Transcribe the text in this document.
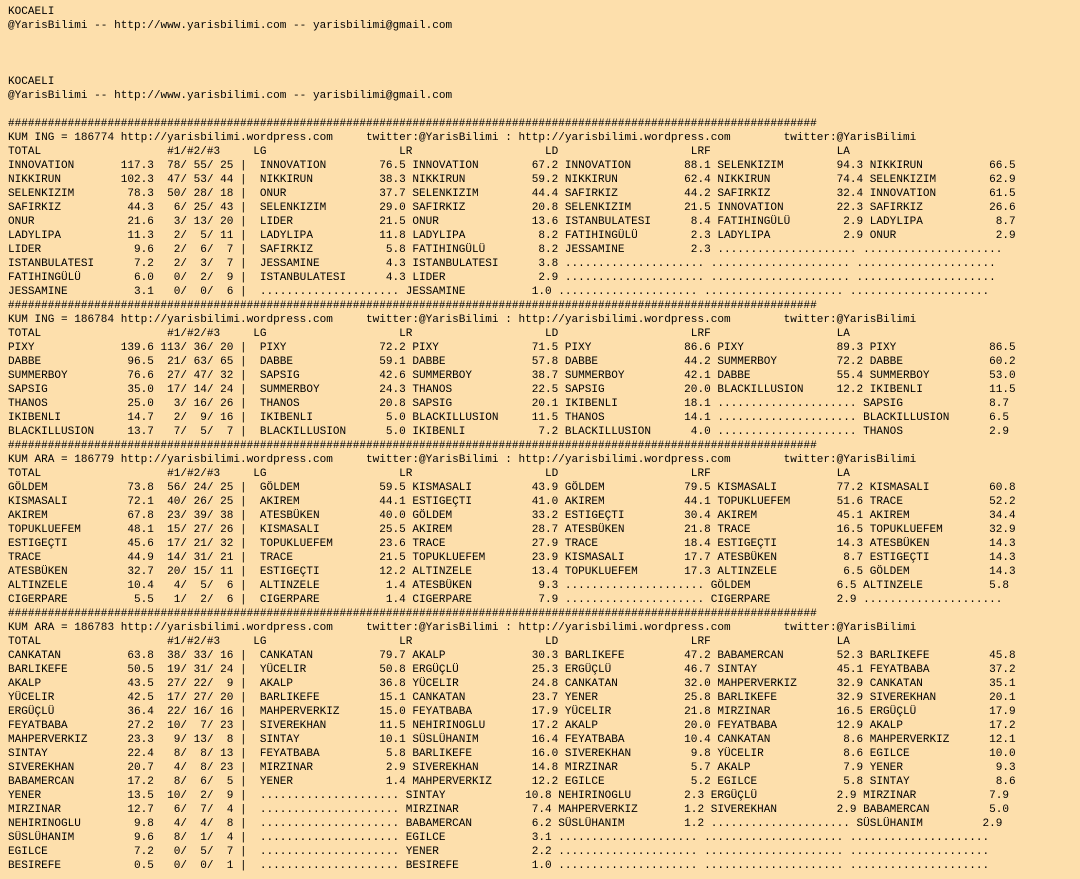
KOCAELI
@YarisBilimi -- http://www.yarisbilimi.com -- yarisbilimi@gmail.com

KOCAELI
@YarisBilimi -- http://www.yarisbilimi.com -- yarisbilimi@gmail.com

##########################################################################################################################
KUM ING = 186774 http://yarisbilimi.wordpress.com     twitter:@YarisBilimi : http://yarisbilimi.wordpress.com        twitter:@YarisBilimi
TOTAL                   #1/#2/#3     LG                    LR                    LD                    LRF                   LA
INNOVATION       117.3  78/ 55/ 25 |  INNOVATION        76.5 INNOVATION        67.2 INNOVATION        88.1 SELENKIZIM        94.3 NIKKIRUN          66.5
NIKKIRUN         102.3  47/ 53/ 44 |  NIKKIRUN          38.3 NIKKIRUN          59.2 NIKKIRUN          62.4 NIKKIRUN          74.4 SELENKIZIM        62.9
SELENKIZIM        78.3  50/ 28/ 18 |  ONUR              37.7 SELENKIZIM        44.4 SAFIRKIZ          44.2 SAFIRKIZ          32.4 INNOVATION        61.5
SAFIRKIZ          44.3   6/ 25/ 43 |  SELENKIZIM        29.0 SAFIRKIZ          20.8 SELENKIZIM        21.5 INNOVATION        22.3 SAFIRKIZ          26.6
ONUR              21.6   3/ 13/ 20 |  LIDER             21.5 ONUR              13.6 ISTANBULATESI      8.4 FATIHINGÜLÜ        2.9 LADYLIPA           8.7
LADYLIPA          11.3   2/  5/ 11 |  LADYLIPA          11.8 LADYLIPA           8.2 FATIHINGÜLÜ        2.3 LADYLIPA           2.9 ONUR               2.9
LIDER              9.6   2/  6/  7 |  SAFIRKIZ           5.8 FATIHINGÜLÜ        8.2 JESSAMINE          2.3 ..................... .....................
ISTANBULATESI      7.2   2/  3/  7 |  JESSAMINE          4.3 ISTANBULATESI      3.8 ..................... ..................... .....................
FATIHINGÜLÜ        6.0   0/  2/  9 |  ISTANBULATESI      4.3 LIDER              2.9 ..................... ..................... .....................
JESSAMINE          3.1   0/  0/  6 |  ..................... JESSAMINE          1.0 ..................... ..................... .....................
##########################################################################################################################
KUM ING = 186784 http://yarisbilimi.wordpress.com     twitter:@YarisBilimi : http://yarisbilimi.wordpress.com        twitter:@YarisBilimi
TOTAL                   #1/#2/#3     LG                    LR                    LD                    LRF                   LA
PIXY             139.6 113/ 36/ 20 |  PIXY              72.2 PIXY              71.5 PIXY              86.6 PIXY              89.3 PIXY              86.5
DABBE             96.5  21/ 63/ 65 |  DABBE             59.1 DABBE             57.8 DABBE             44.2 SUMMERBOY         72.2 DABBE             60.2
SUMMERBOY         76.6  27/ 47/ 32 |  SAPSIG            42.6 SUMMERBOY         38.7 SUMMERBOY         42.1 DABBE             55.4 SUMMERBOY         53.0
SAPSIG            35.0  17/ 14/ 24 |  SUMMERBOY         24.3 THANOS            22.5 SAPSIG            20.0 BLACKILLUSION     12.2 IKIBENLI          11.5
THANOS            25.0   3/ 16/ 26 |  THANOS            20.8 SAPSIG            20.1 IKIBENLI          18.1 ..................... SAPSIG             8.7
IKIBENLI          14.7   2/  9/ 16 |  IKIBENLI           5.0 BLACKILLUSION     11.5 THANOS            14.1 ..................... BLACKILLUSION      6.5
BLACKILLUSION     13.7   7/  5/  7 |  BLACKILLUSION      5.0 IKIBENLI           7.2 BLACKILLUSION      4.0 ..................... THANOS             2.9
##########################################################################################################################
KUM ARA = 186779 http://yarisbilimi.wordpress.com     twitter:@YarisBilimi : http://yarisbilimi.wordpress.com        twitter:@YarisBilimi
TOTAL                   #1/#2/#3     LG                    LR                    LD                    LRF                   LA
GÖLDEM            73.8  56/ 24/ 25 |  GÖLDEM            59.5 KISMASALI         43.9 GÖLDEM            79.5 KISMASALI         77.2 KISMASALI         60.8
KISMASALI         72.1  40/ 26/ 25 |  AKIREM            44.1 ESTIGEÇTI         41.0 AKIREM            44.1 TOPUKLUEFEM       51.6 TRACE             52.2
AKIREM            67.8  23/ 39/ 38 |  ATESBÜKEN         40.0 GÖLDEM            33.2 ESTIGEÇTI         30.4 AKIREM            45.1 AKIREM            34.4
TOPUKLUEFEM       48.1  15/ 27/ 26 |  KISMASALI         25.5 AKIREM            28.7 ATESBÜKEN         21.8 TRACE             16.5 TOPUKLUEFEM       32.9
ESTIGEÇTI         45.6  17/ 21/ 32 |  TOPUKLUEFEM       23.6 TRACE             27.9 TRACE             18.4 ESTIGEÇTI         14.3 ATESBÜKEN         14.3
TRACE             44.9  14/ 31/ 21 |  TRACE             21.5 TOPUKLUEFEM       23.9 KISMASALI         17.7 ATESBÜKEN          8.7 ESTIGEÇTI         14.3
ATESBÜKEN         32.7  20/ 15/ 11 |  ESTIGEÇTI         12.2 ALTINZELE         13.4 TOPUKLUEFEM       17.3 ALTINZELE          6.5 GÖLDEM            14.3
ALTINZELE         10.4   4/  5/  6 |  ALTINZELE          1.4 ATESBÜKEN          9.3 ..................... GÖLDEM             6.5 ALTINZELE          5.8
CIGERPARE          5.5   1/  2/  6 |  CIGERPARE          1.4 CIGERPARE          7.9 ..................... CIGERPARE          2.9 .....................
##########################################################################################################################
KUM ARA = 186783 http://yarisbilimi.wordpress.com     twitter:@YarisBilimi : http://yarisbilimi.wordpress.com        twitter:@YarisBilimi
TOTAL                   #1/#2/#3     LG                    LR                    LD                    LRF                   LA
CANKATAN          63.8  38/ 33/ 16 |  CANKATAN          79.7 AKALP             30.3 BARLIKEFE         47.2 BABAMERCAN        52.3 BARLIKEFE         45.8
BARLIKEFE         50.5  19/ 31/ 24 |  YÜCELIR           50.8 ERGÜÇLÜ           25.3 ERGÜÇLÜ           46.7 SINTAY            45.1 FEYATBABA         37.2
AKALP             43.5  27/ 22/  9 |  AKALP             36.8 YÜCELIR           24.8 CANKATAN          32.0 MAHPERVERKIZ      32.9 CANKATAN          35.1
YÜCELIR           42.5  17/ 27/ 20 |  BARLIKEFE         15.1 CANKATAN          23.7 YENER             25.8 BARLIKEFE         32.9 SIVEREKHAN        20.1
ERGÜÇLÜ           36.4  22/ 16/ 16 |  MAHPERVERKIZ      15.0 FEYATBABA         17.9 YÜCELIR           21.8 MIRZINAR          16.5 ERGÜÇLÜ           17.9
FEYATBABA         27.2  10/  7/ 23 |  SIVEREKHAN        11.5 NEHIRINOGLU       17.2 AKALP             20.0 FEYATBABA         12.9 AKALP             17.2
MAHPERVERKIZ      23.3   9/ 13/  8 |  SINTAY            10.1 SÜSLÜHANIM        16.4 FEYATBABA         10.4 CANKATAN           8.6 MAHPERVERKIZ      12.1
SINTAY            22.4   8/  8/ 13 |  FEYATBABA          5.8 BARLIKEFE         16.0 SIVEREKHAN         9.8 YÜCELIR            8.6 EGILCE            10.0
SIVEREKHAN        20.7   4/  8/ 23 |  MIRZINAR           2.9 SIVEREKHAN        14.8 MIRZINAR           5.7 AKALP              7.9 YENER              9.3
BABAMERCAN        17.2   8/  6/  5 |  YENER              1.4 MAHPERVERKIZ      12.2 EGILCE             5.2 EGILCE             5.8 SINTAY             8.6
YENER             13.5  10/  2/  9 |  ..................... SINTAY            10.8 NEHIRINOGLU        2.3 ERGÜÇLÜ            2.9 MIRZINAR           7.9
MIRZINAR          12.7   6/  7/  4 |  ..................... MIRZINAR           7.4 MAHPERVERKIZ       1.2 SIVEREKHAN         2.9 BABAMERCAN         5.0
NEHIRINOGLU        9.8   4/  4/  8 |  ..................... BABAMERCAN         6.2 SÜSLÜHANIM         1.2 ..................... SÜSLÜHANIM         2.9
SÜSLÜHANIM         9.6   8/  1/  4 |  ..................... EGILCE             3.1 ..................... ..................... .....................
EGILCE             7.2   0/  5/  7 |  ..................... YENER              2.2 ..................... ..................... .....................
BESIREFE           0.5   0/  0/  1 |  ..................... BESIREFE           1.0 ..................... ..................... .....................
